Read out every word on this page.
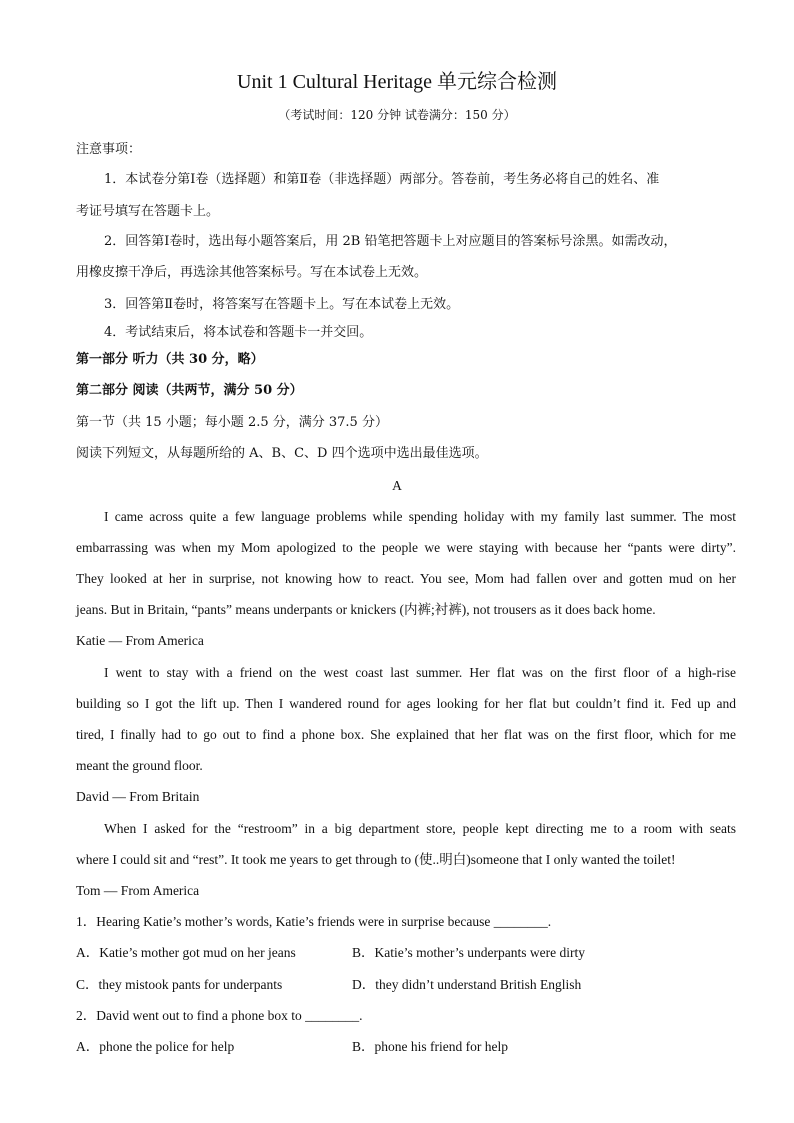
Unit 1 Cultural Heritage 单元综合检测
（考试时间：120 分钟 试卷满分：150 分）
注意事项：
1．本试卷分第Ⅰ卷（选择题）和第Ⅱ卷（非选择题）两部分。答卷前，考生务必将自己的姓名、准
考证号填写在答题卡上。
2．回答第Ⅰ卷时，选出每小题答案后，用 2B 铅笔把答题卡上对应题目的答案标号涂黑。如需改动，
用橡皮擦干净后，再选涂其他答案标号。写在本试卷上无效。
3．回答第Ⅱ卷时，将答案写在答题卡上。写在本试卷上无效。
4．考试结束后，将本试卷和答题卡一并交回。
第一部分 听力（共 30 分，略）
第二部分 阅读（共两节，满分 50 分）
第一节（共 15 小题；每小题 2.5 分，满分 37.5 分）
阅读下列短文，从每题所给的 A、B、C、D 四个选项中选出最佳选项。
A
I came across quite a few language problems while spending holiday with my family last summer. The most
embarrassing was when my Mom apologized to the people we were staying with because her “pants were dirty”.
They looked at her in surprise, not knowing how to react. You see, Mom had fallen over and gotten mud on her
jeans. But in Britain, “pants” means underpants or knickers (内裤;衬裤), not trousers as it does back home.
Katie — From America
I went to stay with a friend on the west coast last summer. Her flat was on the first floor of a high-rise
building so I got the lift up. Then I wandered round for ages looking for her flat but couldn’t find it. Fed up and
tired, I finally had to go out to find a phone box. She explained that her flat was on the first floor, which for me
meant the ground floor.
David — From Britain
When I asked for the “restroom” in a big department store, people kept directing me to a room with seats
where I could sit and “rest”. It took me years to get through to (使..明白)someone that I only wanted the toilet!
Tom — From America
1．Hearing Katie’s mother’s words, Katie’s friends were in surprise because ________.
A．Katie’s mother got mud on her jeans	B．Katie’s mother’s underpants were dirty
C．they mistook pants for underpants	D．they didn’t understand British English
2．David went out to find a phone box to ________.
A．phone the police for help	B．phone his friend for help
